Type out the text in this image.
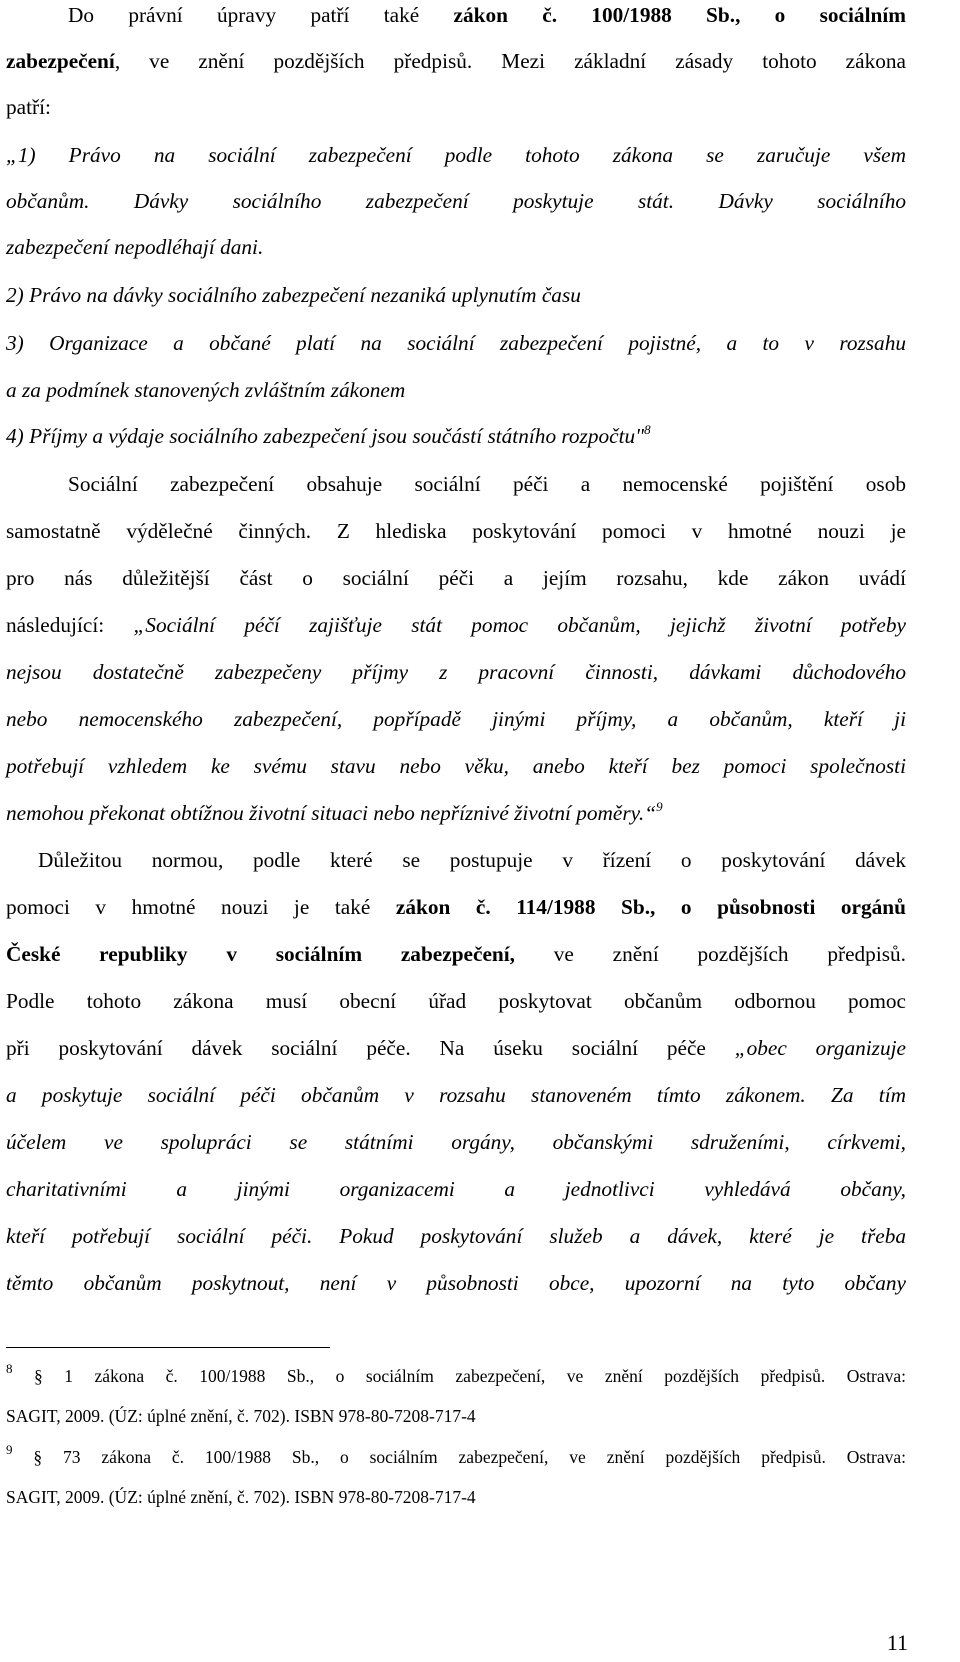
Do právní úpravy patří také zákon č. 100/1988 Sb., o sociálním
zabezpečení, ve znění pozdějších předpisů. Mezi základní zásady tohoto zákona
patří:
„1) Právo na sociální zabezpečení podle tohoto zákona se zaručuje všem
občanům. Dávky sociálního zabezpečení poskytuje stát. Dávky sociálního
zabezpečení nepodléhají dani.
2) Právo na dávky sociálního zabezpečení nezaniká uplynutím času
3) Organizace a občané platí na sociální zabezpečení pojistné, a to v rozsahu
a za podmínek stanovených zvláštním zákonem
4) Příjmy a výdaje sociálního zabezpečení jsou součástí státního rozpočtu"$^8$
Sociální zabezpečení obsahuje sociální péči a nemocenské pojištění osob
samostatně výdělečné činných. Z hlediska poskytování pomoci v hmotné nouzi je
pro nás důležitější část o sociální péči a jejím rozsahu, kde zákon uvádí
následující: „Sociální péčí zajišťuje stát pomoc občanům, jejichž životní potřeby
nejsou dostatečně zabezpečeny příjmy z pracovní činnosti, dávkami důchodového
nebo nemocenského zabezpečení, popřípadě jinými příjmy, a občanům, kteří ji
potřebují vzhledem ke svému stavu nebo věku, anebo kteří bez pomoci společnosti
nemohou překonat obtížnou životní situaci nebo nepříznivé životní poměry.“$^9$
Důležitou normou, podle které se postupuje v řízení o poskytování dávek
pomoci v hmotné nouzi je také zákon č. 114/1988 Sb., o působnosti orgánů
České republiky v sociálním zabezpečení, ve znění pozdějších předpisů.
Podle tohoto zákona musí obecní úřad poskytovat občanům odbornou pomoc
při poskytování dávek sociální péče. Na úseku sociální péče „obec organizuje
a poskytuje sociální péči občanům v rozsahu stanoveném tímto zákonem. Za tím
účelem ve spolupráci se státními orgány, občanskými sdruženími, církvemi,
charitativními a jinými organizacemi a jednotlivci vyhledává občany,
kteří potřebují sociální péči. Pokud poskytování služeb a dávek, které je třeba
těmto občanům poskytnout, není v působnosti obce, upozorní na tyto občany
$^8$ § 1 zákona č. 100/1988 Sb., o sociálním zabezpečení, ve znění pozdějších předpisů. Ostrava:
SAGIT, 2009. (ÚZ: úplné znění, č. 702). ISBN 978-80-7208-717-4
$^9$ § 73 zákona č. 100/1988 Sb., o sociálním zabezpečení, ve znění pozdějších předpisů. Ostrava:
SAGIT, 2009. (ÚZ: úplné znění, č. 702). ISBN 978-80-7208-717-4
11
